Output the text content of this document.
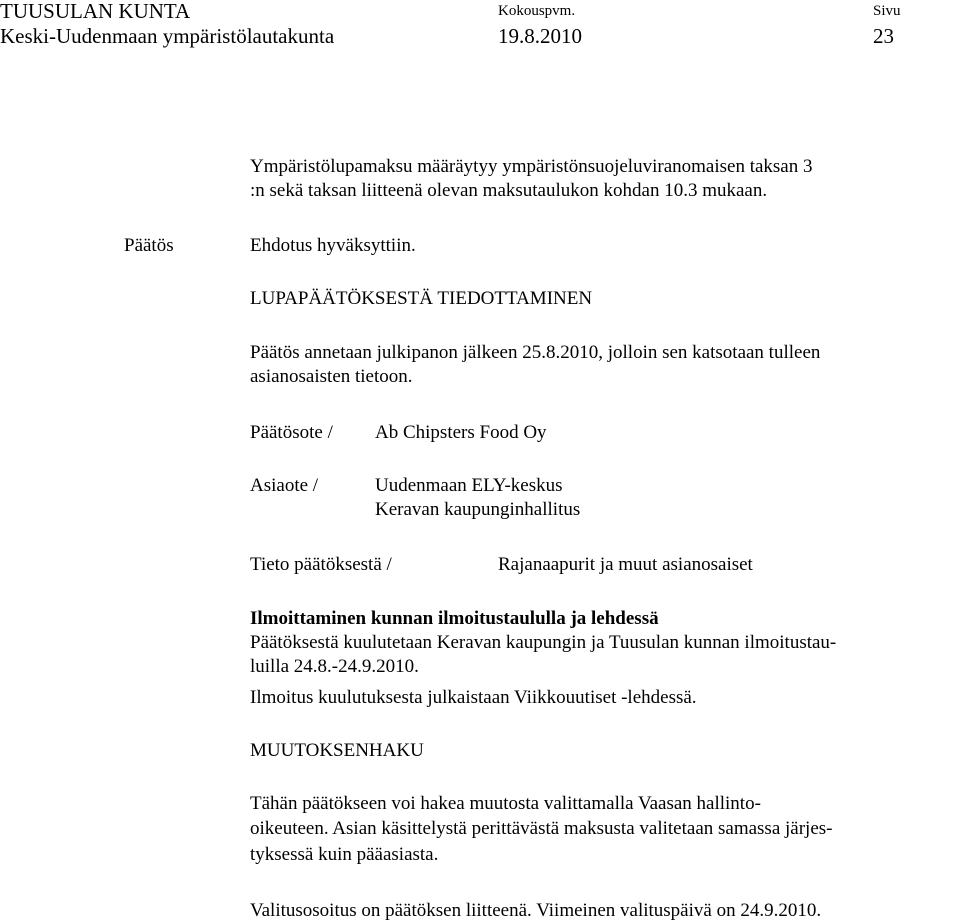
TUUSULAN KUNTA
Keski-Uudenmaan ympäristölautakunta
Kokouspvm.
19.8.2010
Sivu
23
Ympäristölupamaksu määräytyy ympäristönsuojeluviranomaisen taksan 3
:n sekä taksan liitteenä olevan maksutaulukon kohdan 10.3 mukaan.
Päätös	Ehdotus hyväksyttiin.
LUPAPÄÄTÖKSESTÄ TIEDOTTAMINEN
Päätös annetaan julkipanon jälkeen 25.8.2010, jolloin sen katsotaan tulleen
asianosaisten tietoon.
Päätösote / Ab Chipsters Food Oy
Asiaote /	Uudenmaan ELY-keskus
Keravan kaupunginhallitus
Tieto päätöksestä /	Rajanaapurit ja muut asianosaiset
Ilmoittaminen kunnan ilmoitustaululla ja lehdessä
Päätöksestä kuulutetaan Keravan kaupungin ja Tuusulan kunnan ilmoitustau-
luilla 24.8.-24.9.2010.
Ilmoitus kuulutuksesta julkaistaan Viikkouutiset -lehdessä.
MUUTOKSENHAKU
Tähän päätökseen voi hakea muutosta valittamalla Vaasan hallinto-
oikeuteen. Asian käsittelystä perittävästä maksusta valitetaan samassa järjes-
tyksessä kuin pääasiasta.
Valitusosoitus on päätöksen liitteenä. Viimeinen valituspäivä on 24.9.2010.
